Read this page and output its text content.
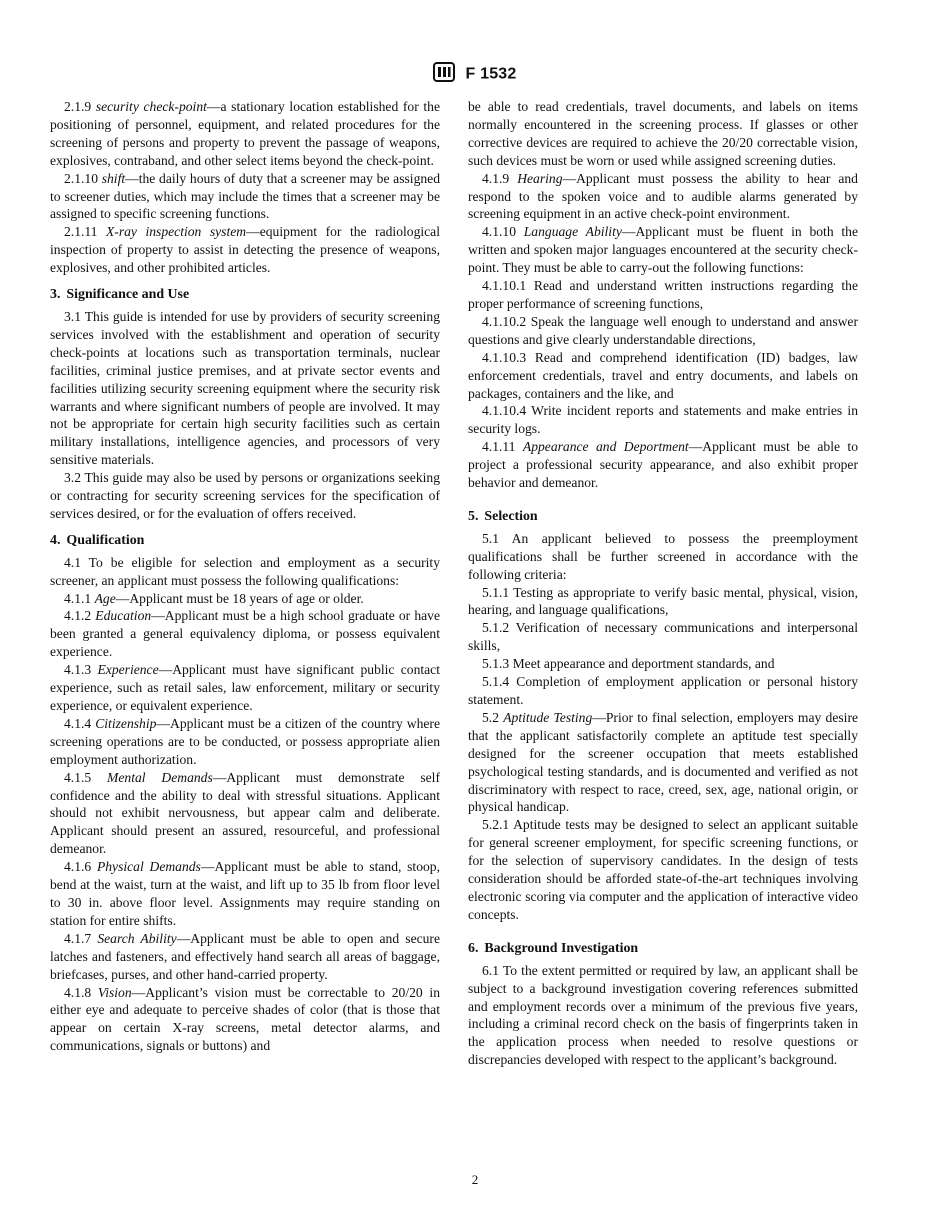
F 1532

2.1.9 security check-point—a stationary location established for the positioning of personnel, equipment, and related procedures for the screening of persons and property to prevent the passage of weapons, explosives, contraband, and other select items beyond the check-point.

2.1.10 shift—the daily hours of duty that a screener may be assigned to screener duties, which may include the times that a screener may be assigned to specific screening functions.

2.1.11 X-ray inspection system—equipment for the radiological inspection of property to assist in detecting the presence of weapons, explosives, and other prohibited articles.

3. Significance and Use

3.1 This guide is intended for use by providers of security screening services involved with the establishment and operation of security check-points at locations such as transportation terminals, nuclear facilities, criminal justice premises, and at private sector events and facilities utilizing security screening equipment where the security risk warrants and where significant numbers of people are involved. It may not be appropriate for certain high security facilities such as certain military installations, intelligence agencies, and processors of very sensitive materials.

3.2 This guide may also be used by persons or organizations seeking or contracting for security screening services for the specification of services desired, or for the evaluation of offers received.

4. Qualification

4.1 To be eligible for selection and employment as a security screener, an applicant must possess the following qualifications:

4.1.1 Age—Applicant must be 18 years of age or older.

4.1.2 Education—Applicant must be a high school graduate or have been granted a general equivalency diploma, or possess equivalent experience.

4.1.3 Experience—Applicant must have significant public contact experience, such as retail sales, law enforcement, military or security experience, or equivalent experience.

4.1.4 Citizenship—Applicant must be a citizen of the country where screening operations are to be conducted, or possess appropriate alien employment authorization.

4.1.5 Mental Demands—Applicant must demonstrate self confidence and the ability to deal with stressful situations. Applicant should not exhibit nervousness, but appear calm and deliberate. Applicant should present an assured, resourceful, and professional demeanor.

4.1.6 Physical Demands—Applicant must be able to stand, stoop, bend at the waist, turn at the waist, and lift up to 35 lb from floor level to 30 in. above floor level. Assignments may require standing on station for entire shifts.

4.1.7 Search Ability—Applicant must be able to open and secure latches and fasteners, and effectively hand search all areas of baggage, briefcases, purses, and other hand-carried property.

4.1.8 Vision—Applicant’s vision must be correctable to 20/20 in either eye and adequate to perceive shades of color (that is those that appear on certain X-ray screens, metal detector alarms, and communications, signals or buttons) and

be able to read credentials, travel documents, and labels on items normally encountered in the screening process. If glasses or other corrective devices are required to achieve the 20/20 correctable vision, such devices must be worn or used while assigned screening duties.

4.1.9 Hearing—Applicant must possess the ability to hear and respond to the spoken voice and to audible alarms generated by screening equipment in an active check-point environment.

4.1.10 Language Ability—Applicant must be fluent in both the written and spoken major languages encountered at the security check-point. They must be able to carry-out the following functions:

4.1.10.1 Read and understand written instructions regarding the proper performance of screening functions,

4.1.10.2 Speak the language well enough to understand and answer questions and give clearly understandable directions,

4.1.10.3 Read and comprehend identification (ID) badges, law enforcement credentials, travel and entry documents, and labels on packages, containers and the like, and

4.1.10.4 Write incident reports and statements and make entries in security logs.

4.1.11 Appearance and Deportment—Applicant must be able to project a professional security appearance, and also exhibit proper behavior and demeanor.

5. Selection

5.1 An applicant believed to possess the preemployment qualifications shall be further screened in accordance with the following criteria:

5.1.1 Testing as appropriate to verify basic mental, physical, vision, hearing, and language qualifications,

5.1.2 Verification of necessary communications and interpersonal skills,

5.1.3 Meet appearance and deportment standards, and

5.1.4 Completion of employment application or personal history statement.

5.2 Aptitude Testing—Prior to final selection, employers may desire that the applicant satisfactorily complete an aptitude test specially designed for the screener occupation that meets established psychological testing standards, and is documented and verified as not discriminatory with respect to race, creed, sex, age, national origin, or physical handicap.

5.2.1 Aptitude tests may be designed to select an applicant suitable for general screener employment, for specific screening functions, or for the selection of supervisory candidates. In the design of tests consideration should be afforded state-of-the-art techniques involving electronic scoring via computer and the application of interactive video concepts.

6. Background Investigation

6.1 To the extent permitted or required by law, an applicant shall be subject to a background investigation covering references submitted and employment records over a minimum of the previous five years, including a criminal record check on the basis of fingerprints taken in the application process when needed to resolve questions or discrepancies developed with respect to the applicant’s background.

2
